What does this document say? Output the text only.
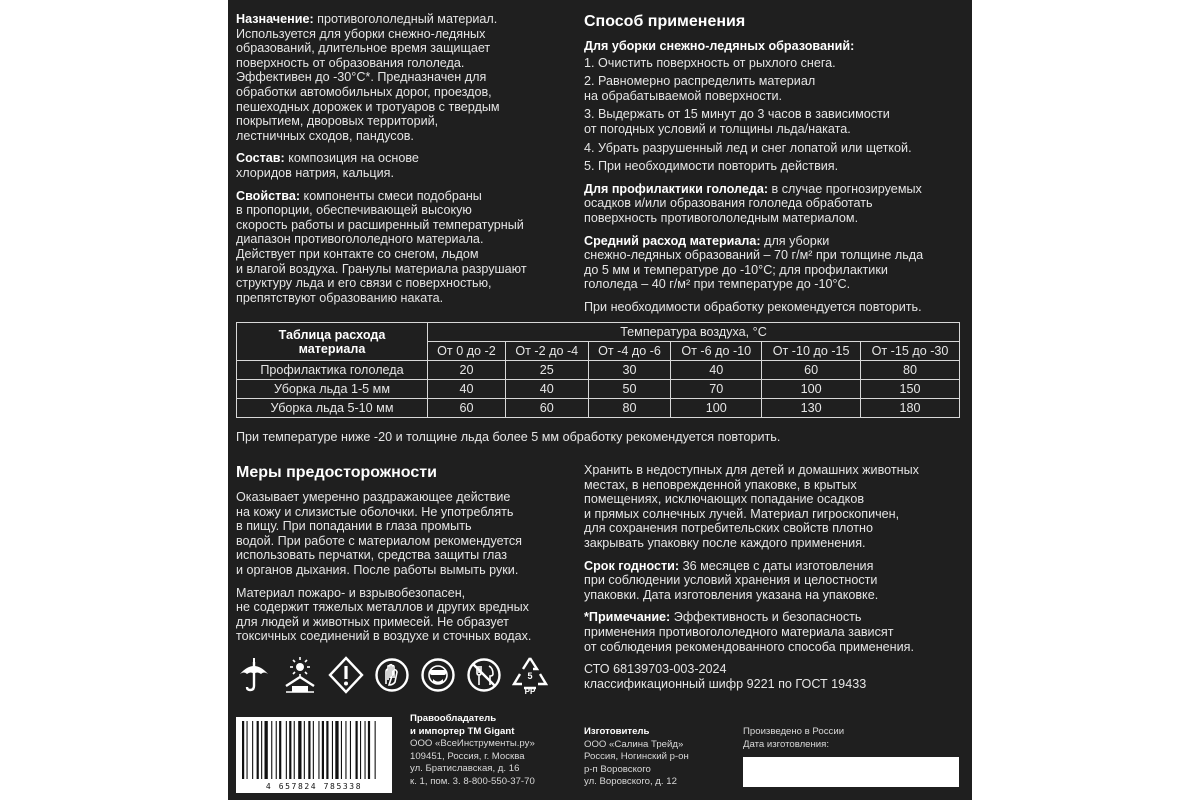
Назначение: противогололедный материал.
Используется для уборки снежно-ледяных
образований, длительное время защищает
поверхность от образования гололеда.
Эффективен до -30°С*. Предназначен для
обработки автомобильных дорог, проездов,
пешеходных дорожек и тротуаров с твердым
покрытием, дворовых территорий,
лестничных сходов, пандусов.

Состав: композиция на основе
хлоридов натрия, кальция.

Свойства: компоненты смеси подобраны
в пропорции, обеспечивающей высокую
скорость работы и расширенный температурный
диапазон противогололедного материала.
Действует при контакте со снегом, льдом
и влагой воздуха. Гранулы материала разрушают
структуру льда и его связи с поверхностью,
препятствуют образованию наката.

Способ применения

Для уборки снежно-ледяных образований:

1. Очистить поверхность от рыхлого снега.
2. Равномерно распределить материал
на обрабатываемой поверхности.
3. Выдержать от 15 минут до 3 часов в зависимости
от погодных условий и толщины льда/наката.
4. Убрать разрушенный лед и снег лопатой или щеткой.
5. При необходимости повторить действия.

Для профилактики гололеда: в случае прогнозируемых
осадков и/или образования гололеда обработать
поверхность противогололедным материалом.

Средний расход материала: для уборки
снежно-ледяных образований – 70 г/м² при толщине льда
до 5 мм и температуре до -10°С; для профилактики
гололеда – 40 г/м² при температуре до -10°С.

При необходимости обработку рекомендуется повторить.

Таблица расхода
материала	Температура воздуха, °С					
	От 0 до -2	От -2 до -4	От -4 до -6	От -6 до -10	От -10 до -15	От -15 до -30
Профилактика гололеда	20	25	30	40	60	80
Уборка льда 1-5 мм	40	40	50	70	100	150
Уборка льда 5-10 мм	60	60	80	100	130	180
При температуре ниже -20 и толщине льда более 5 мм обработку рекомендуется повторить.

Меры предосторожности

Оказывает умеренно раздражающее действие
на кожу и слизистые оболочки. Не употреблять
в пищу. При попадании в глаза промыть
водой. При работе с материалом рекомендуется
использовать перчатки, средства защиты глаз
и органов дыхания. После работы вымыть руки.

Материал пожаро- и взрывобезопасен,
не содержит тяжелых металлов и других вредных
для людей и животных примесей. Не образует
токсичных соединений в воздухе и сточных водах.

Хранить в недоступных для детей и домашних животных
местах, в неповрежденной упаковке, в крытых
помещениях, исключающих попадание осадков
и прямых солнечных лучей. Материал гигроскопичен,
для сохранения потребительских свойств плотно
закрывать упаковку после каждого применения.

Срок годности: 36 месяцев с даты изготовления
при соблюдении условий хранения и целостности
упаковки. Дата изготовления указана на упаковке.

*Примечание: Эффективность и безопасность
применения противогололедного материала зависят
от соблюдения рекомендованного способа применения.

СТО 68139703-003-2024
классификационный шифр 9221 по ГОСТ 19433

5
PP
4 657824 785338
Правообладатель
и импортер ТМ Gigant
ООО «ВсеИнструменты.ру»
109451, Россия, г. Москва
ул. Братиславская, д. 16
к. 1, пом. 3. 8-800-550-37-70
Изготовитель
ООО «Салина Трейд»
Россия, Ногинский р-он
р-п Воровского
ул. Воровского, д. 12
Произведено в России
Дата изготовления:
